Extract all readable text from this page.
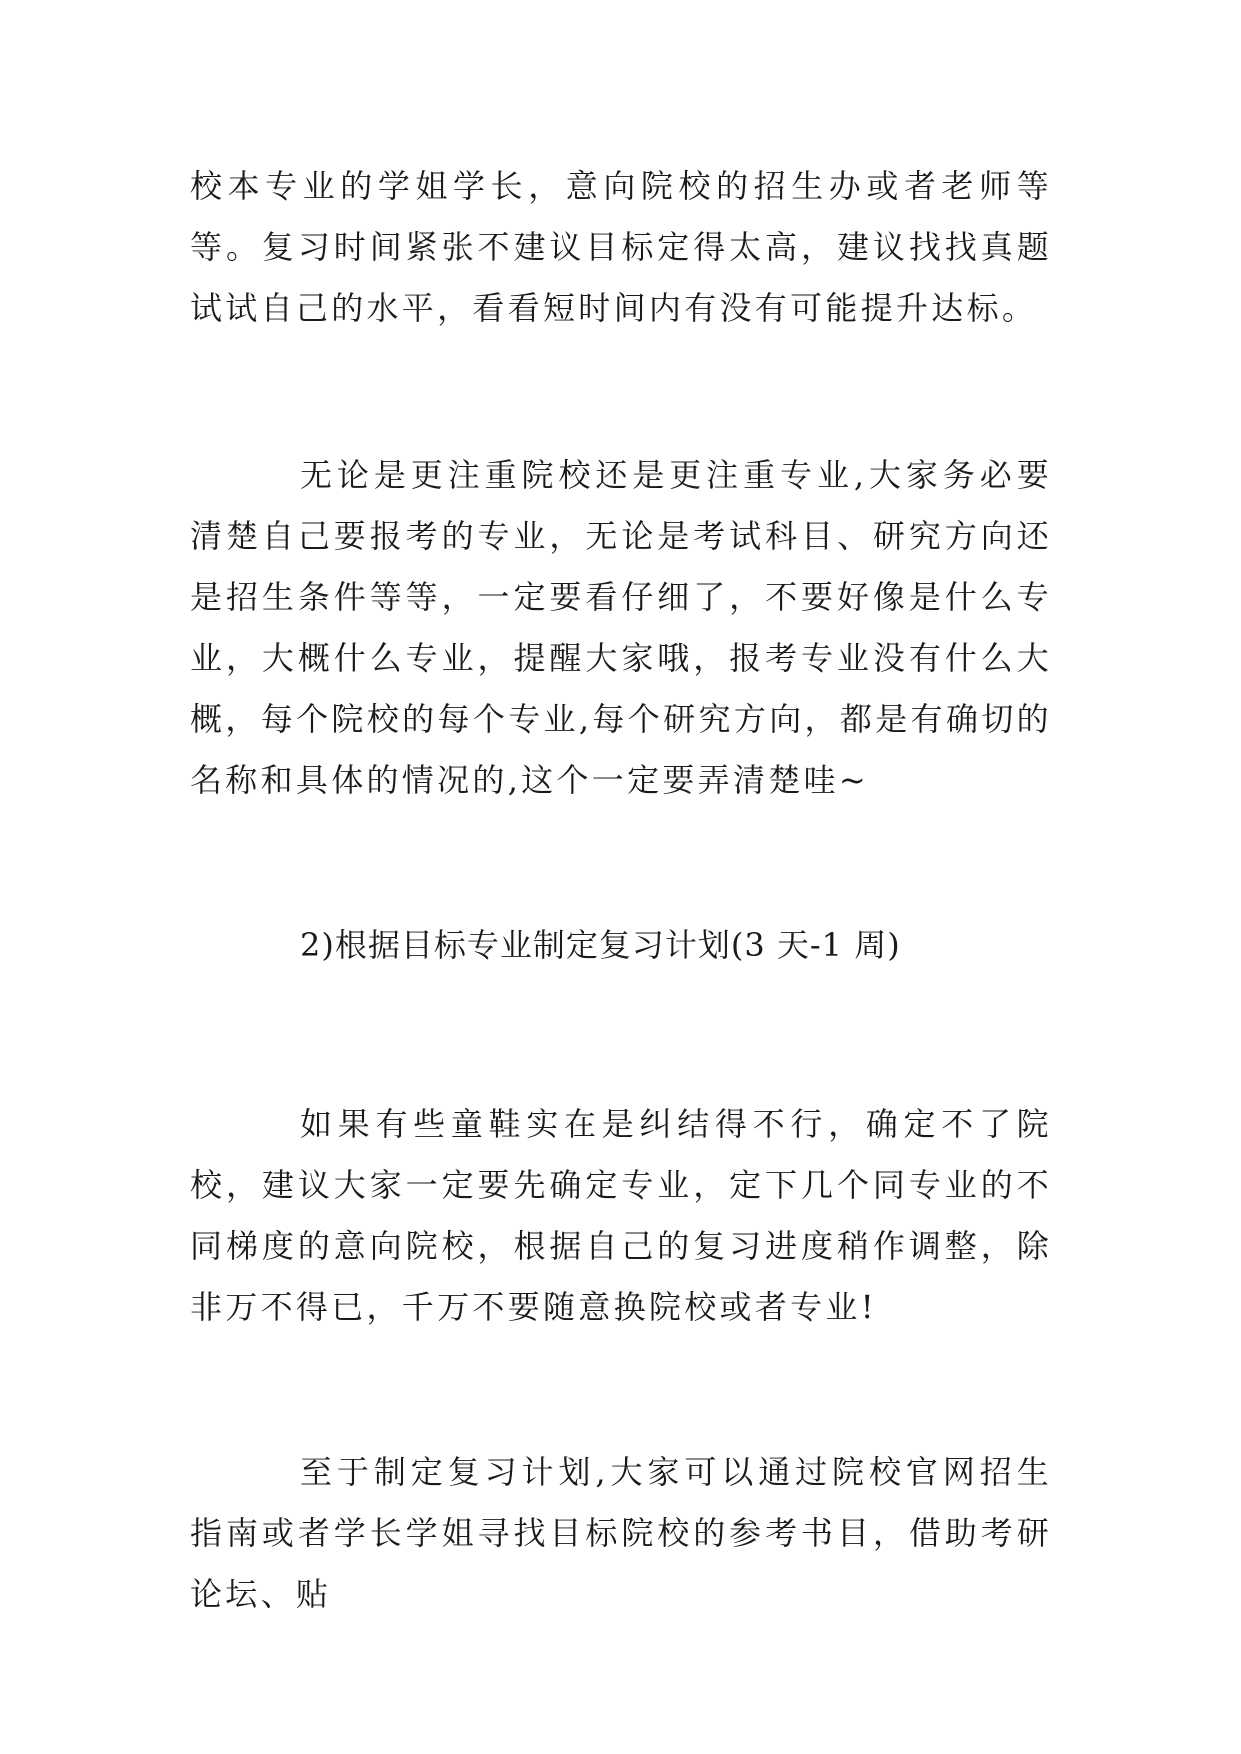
校本专业的学姐学长，意向院校的招生办或者老师等等。复习时间紧张不建议目标定得太高，建议找找真题试试自己的水平，看看短时间内有没有可能提升达标。

无论是更注重院校还是更注重专业,大家务必要清楚自己要报考的专业，无论是考试科目、研究方向还是招生条件等等，一定要看仔细了，不要好像是什么专业，大概什么专业，提醒大家哦，报考专业没有什么大概，每个院校的每个专业,每个研究方向，都是有确切的名称和具体的情况的,这个一定要弄清楚哇~

2)根据目标专业制定复习计划(3 天-1 周)

如果有些童鞋实在是纠结得不行，确定不了院校，建议大家一定要先确定专业，定下几个同专业的不同梯度的意向院校，根据自己的复习进度稍作调整，除非万不得已，千万不要随意换院校或者专业!

至于制定复习计划,大家可以通过院校官网招生指南或者学长学姐寻找目标院校的参考书目，借助考研论坛、贴
